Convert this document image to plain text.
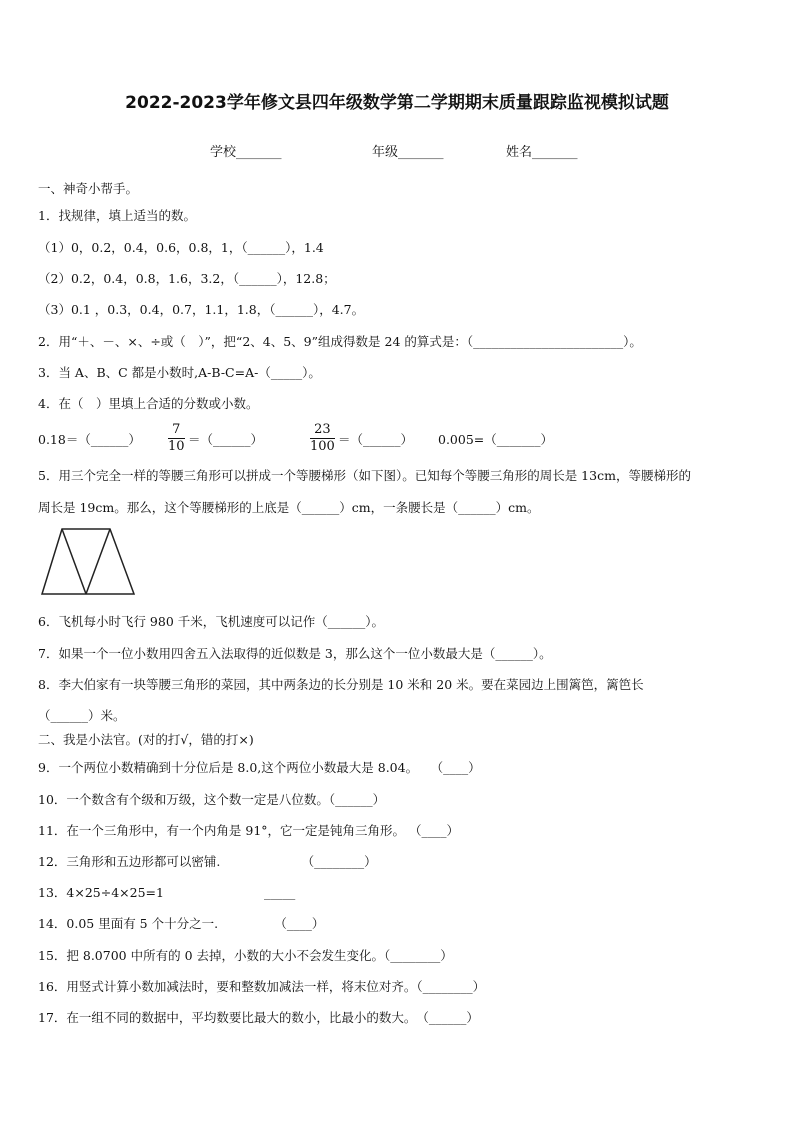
2022-2023学年修文县四年级数学第二学期期末质量跟踪监视模拟试题
学校_______	年级_______	姓名_______
一、神奇小帮手。
1．找规律，填上适当的数。
（1）0，0.2，0.4，0.6，0.8，1，（______），1.4
（2）0.2，0.4，0.8，1.6，3.2，（______），12.8；
（3）0.1 ，0.3，0.4，0.7，1.1，1.8，（______），4.7。
2．用“＋、－、×、÷或（　）”，把“2、4、5、9”组成得数是 24 的算式是：（________________________）。
3．当 A、B、C 都是小数时,A-B-C=A-（_____）。
4．在（　）里填上合适的分数或小数。
0.18＝（______） $\frac{7}{10}$ ＝（______）	$\frac{23}{100}$ ＝（______） 0.005=（_______）
5．用三个完全一样的等腰三角形可以拼成一个等腰梯形（如下图）。已知每个等腰三角形的周长是 13cm，等腰梯形的
周长是 19cm。那么，这个等腰梯形的上底是（______）cm，一条腰长是（______）cm。
6．飞机每小时飞行 980 千米，飞机速度可以记作（______）。
7．如果一个一位小数用四舍五入法取得的近似数是 3，那么这个一位小数最大是（______）。
8．李大伯家有一块等腰三角形的菜园，其中两条边的长分别是 10 米和 20 米。要在菜园边上围篱笆，篱笆长
（______）米。
二、我是小法官。(对的打√，错的打×)
9．一个两位小数精确到十分位后是 8.0,这个两位小数最大是 8.04。　　（____）
10．一个数含有个级和万级，这个数一定是八位数。（______）
11．在一个三角形中，有一个内角是 91°，它一定是钝角三角形。 （____）
12．三角形和五边形都可以密铺.　　　　　　　（________）
13．4×25÷4×25=1　　　　　　　　_____
14．0.05 里面有 5 个十分之一.　　　　　（____）
15．把 8.0700 中所有的 0 去掉，小数的大小不会发生变化。（________）
16．用竖式计算小数加减法时，要和整数加减法一样，将末位对齐。（________）
17．在一组不同的数据中，平均数要比最大的数小，比最小的数大。　（______）
